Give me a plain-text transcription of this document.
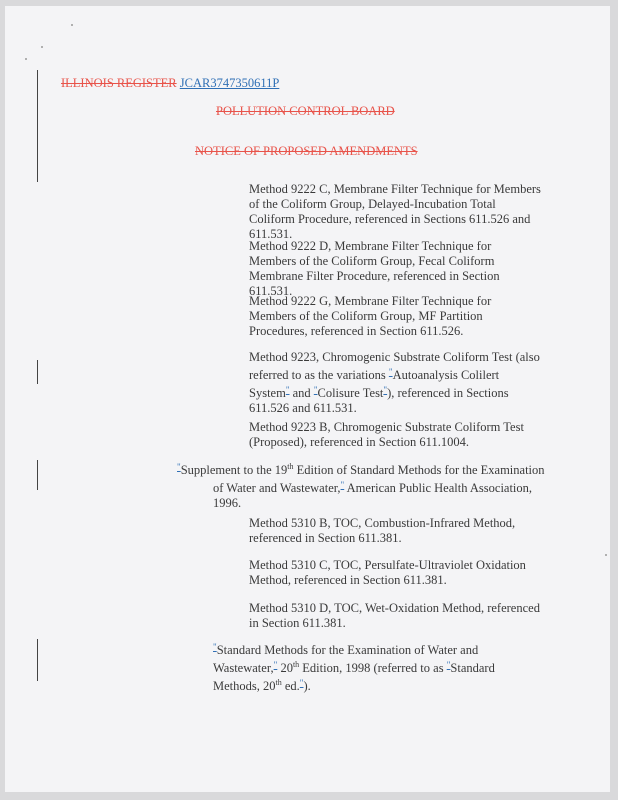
ILLINOIS REGISTER JCAR3747350611P
POLLUTION CONTROL BOARD
NOTICE OF PROPOSED AMENDMENTS
Method 9222 C, Membrane Filter Technique for Members of the Coliform Group, Delayed-Incubation Total Coliform Procedure, referenced in Sections 611.526 and 611.531.
Method 9222 D, Membrane Filter Technique for Members of the Coliform Group, Fecal Coliform Membrane Filter Procedure, referenced in Section 611.531.
Method 9222 G, Membrane Filter Technique for Members of the Coliform Group, MF Partition Procedures, referenced in Section 611.526.
Method 9223, Chromogenic Substrate Coliform Test (also referred to as the variations "Autoanalysis Colilert System" and "Colisure Test"), referenced in Sections 611.526 and 611.531.
Method 9223 B, Chromogenic Substrate Coliform Test (Proposed), referenced in Section 611.1004.
"Supplement to the 19th Edition of Standard Methods for the Examination of Water and Wastewater," American Public Health Association, 1996.
Method 5310 B, TOC, Combustion-Infrared Method, referenced in Section 611.381.
Method 5310 C, TOC, Persulfate-Ultraviolet Oxidation Method, referenced in Section 611.381.
Method 5310 D, TOC, Wet-Oxidation Method, referenced in Section 611.381.
"Standard Methods for the Examination of Water and Wastewater," 20th Edition, 1998 (referred to as "Standard Methods, 20th ed.").
